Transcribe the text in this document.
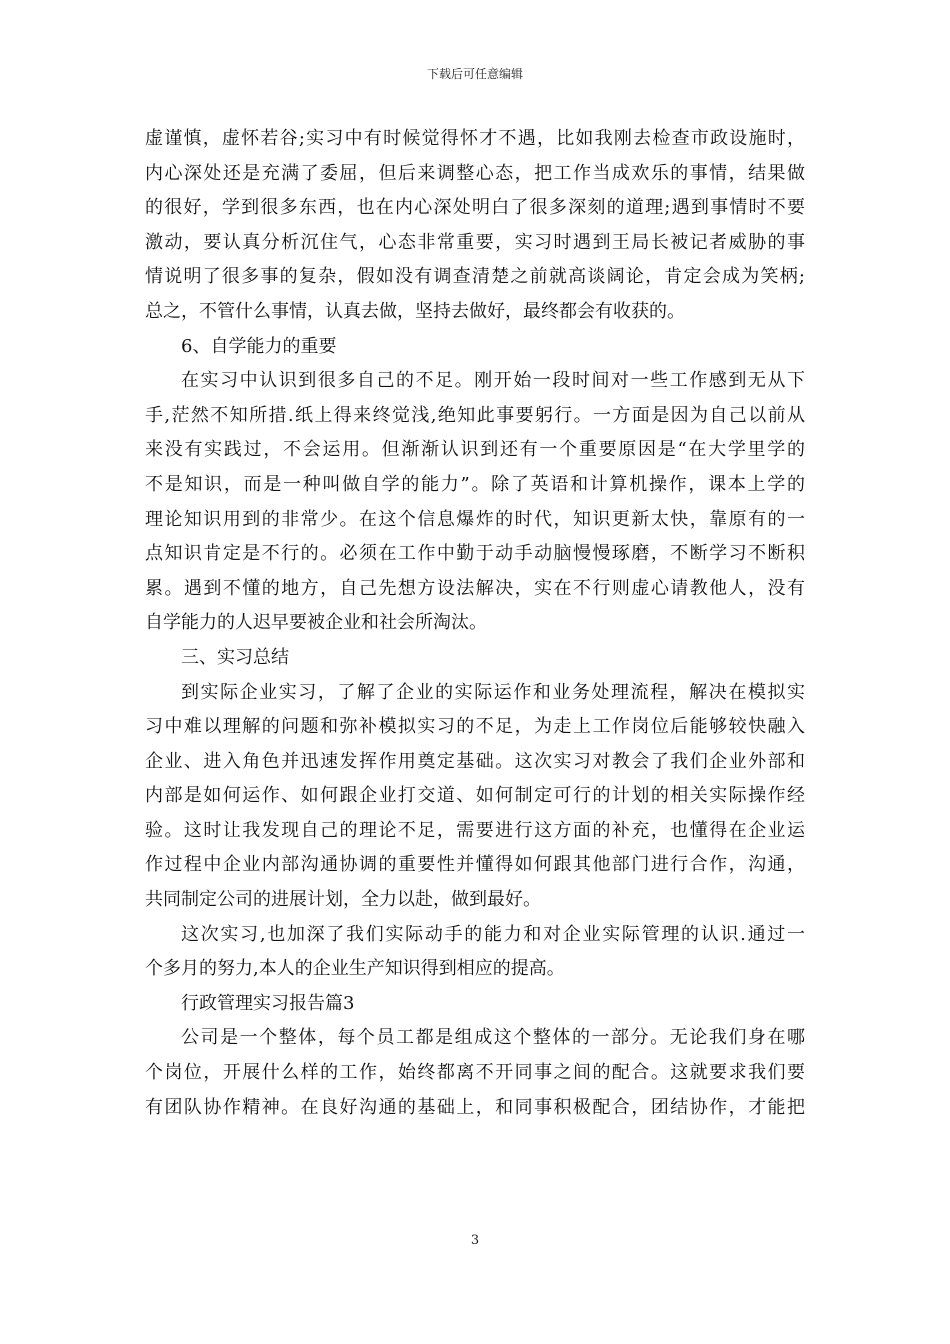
下载后可任意编辑

虚谨慎，虚怀若谷;实习中有时候觉得怀才不遇，比如我刚去检查市政设施时，
内心深处还是充满了委屈，但后来调整心态，把工作当成欢乐的事情，结果做
的很好，学到很多东西，也在内心深处明白了很多深刻的道理;遇到事情时不要
激动，要认真分析沉住气，心态非常重要，实习时遇到王局长被记者威胁的事
情说明了很多事的复杂，假如没有调查清楚之前就高谈阔论，肯定会成为笑柄;
总之，不管什么事情，认真去做，坚持去做好，最终都会有收获的。

6、自学能力的重要

在实习中认识到很多自己的不足。刚开始一段时间对一些工作感到无从下
手,茫然不知所措.纸上得来终觉浅,绝知此事要躬行。一方面是因为自己以前从
来没有实践过，不会运用。但渐渐认识到还有一个重要原因是“在大学里学的
不是知识，而是一种叫做自学的能力”。除了英语和计算机操作，课本上学的
理论知识用到的非常少。在这个信息爆炸的时代，知识更新太快，靠原有的一
点知识肯定是不行的。必须在工作中勤于动手动脑慢慢琢磨，不断学习不断积
累。遇到不懂的地方，自己先想方设法解决，实在不行则虚心请教他人，没有
自学能力的人迟早要被企业和社会所淘汰。

三、实习总结

到实际企业实习，了解了企业的实际运作和业务处理流程，解决在模拟实
习中难以理解的问题和弥补模拟实习的不足，为走上工作岗位后能够较快融入
企业、进入角色并迅速发挥作用奠定基础。这次实习对教会了我们企业外部和
内部是如何运作、如何跟企业打交道、如何制定可行的计划的相关实际操作经
验。这时让我发现自己的理论不足，需要进行这方面的补充，也懂得在企业运
作过程中企业内部沟通协调的重要性并懂得如何跟其他部门进行合作，沟通，
共同制定公司的进展计划，全力以赴，做到最好。

这次实习,也加深了我们实际动手的能力和对企业实际管理的认识.通过一
个多月的努力,本人的企业生产知识得到相应的提高。

行政管理实习报告篇3

公司是一个整体，每个员工都是组成这个整体的一部分。无论我们身在哪
个岗位，开展什么样的工作，始终都离不开同事之间的配合。这就要求我们要
有团队协作精神。在良好沟通的基础上，和同事积极配合，团结协作，才能把

3
